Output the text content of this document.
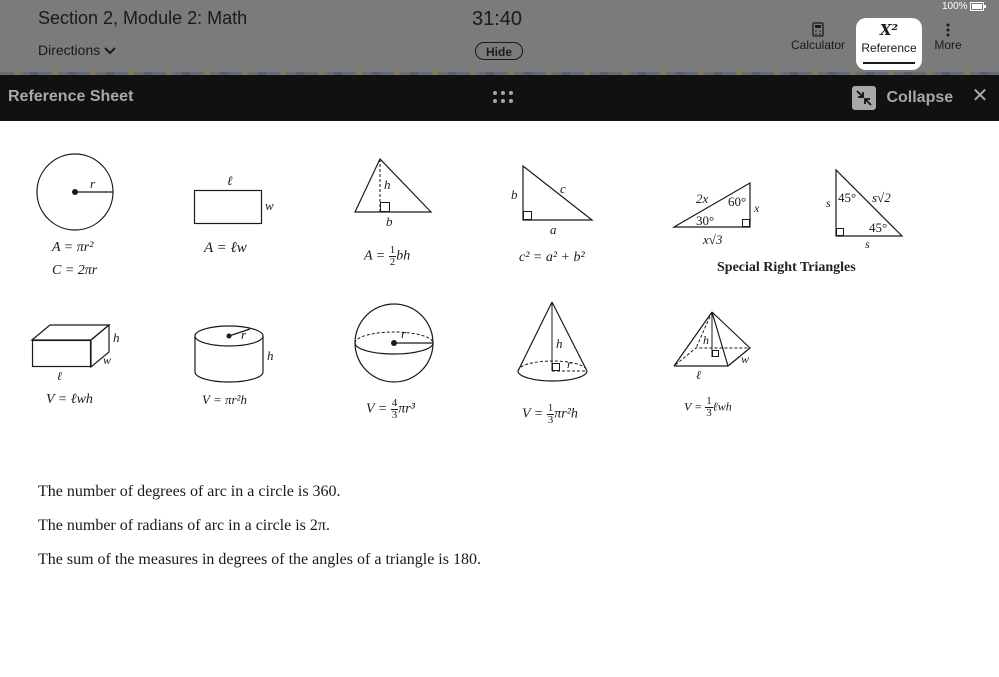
Section 2, Module 2: Math
Directions
31:40
Hide
100%
Calculator
X²
Reference	More
Reference Sheet	Collapse ✕
r
A = πr²
C = 2πr
ℓ
w
A = ℓw
h
b
$A = \frac{1}{2}$ bh
b	c
a
c² = a² + b²
2x 60°
30°
x
x√3
s 45° s√2
45°
s
Special Right Triangles
h
w
ℓ
V = ℓwh
r
h
V = πr²h
r
$V = \frac{4}{3} \pi r^3$
h
r
$V = \frac{1}{3} \pi r^2h$
h
w
ℓ
$V = \frac{1}{3}$ ℓwh
The number of degrees of arc in a circle is 360.
The number of radians of arc in a circle is 2π.
The sum of the measures in degrees of the angles of a triangle is 180.
